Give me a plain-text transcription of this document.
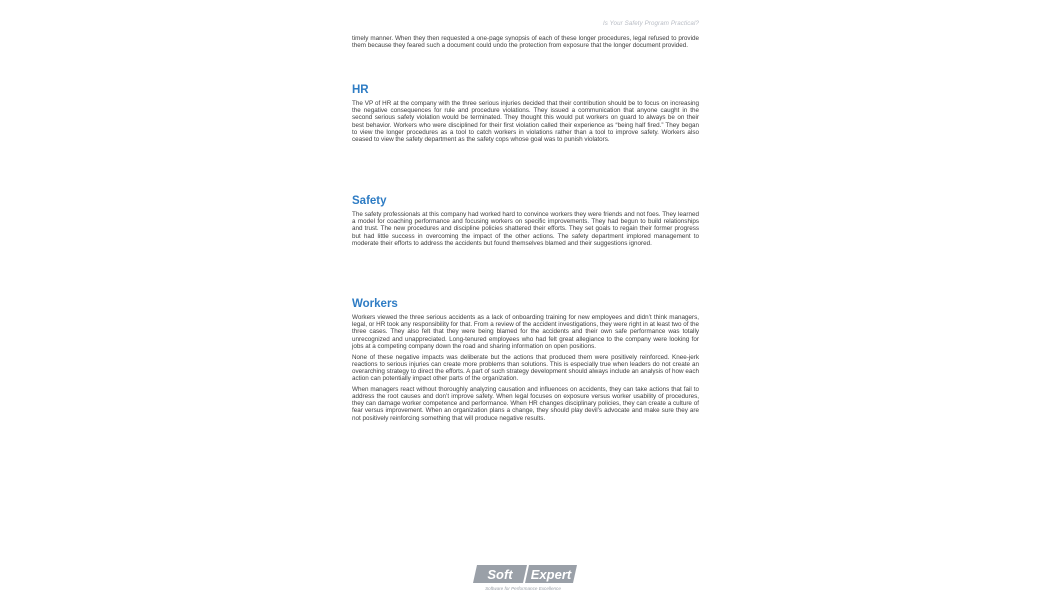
Is Your Safety Program Practical?

timely manner. When they then requested a one-page synopsis of each of these longer procedures, legal refused to provide them because they feared such a document could undo the protection from exposure that the longer document provided.

HR

The VP of HR at the company with the three serious injuries decided that their contribution should be to focus on increasing the negative consequences for rule and procedure violations. They issued a communication that anyone caught in the second serious safety violation would be terminated. They thought this would put workers on guard to always be on their best behavior. Workers who were disciplined for their first violation called their experience as “being half fired.” They began to view the longer procedures as a tool to catch workers in violations rather than a tool to improve safety. Workers also ceased to view the safety department as the safety cops whose goal was to punish violators.

Safety

The safety professionals at this company had worked hard to convince workers they were friends and not foes. They learned a model for coaching performance and focusing workers on specific improvements. They had begun to build relationships and trust. The new procedures and discipline policies shattered their efforts. They set goals to regain their former progress but had little success in overcoming the impact of the other actions. The safety department implored management to moderate their efforts to address the accidents but found themselves blamed and their suggestions ignored.

Workers

Workers viewed the three serious accidents as a lack of onboarding training for new employees and didn’t think managers, legal, or HR took any responsibility for that. From a review of the accident investigations, they were right in at least two of the three cases. They also felt that they were being blamed for the accidents and their own safe performance was totally unrecognized and unappreciated. Long-tenured employees who had felt great allegiance to the company were looking for jobs at a competing company down the road and sharing information on open positions.

None of these negative impacts was deliberate but the actions that produced them were positively reinforced. Knee-jerk reactions to serious injuries can create more problems than solutions. This is especially true when leaders do not create an overarching strategy to direct the efforts. A part of such strategy development should always include an analysis of how each action can potentially impact other parts of the organization.

When managers react without thoroughly analyzing causation and influences on accidents, they can take actions that fail to address the root causes and don’t improve safety. When legal focuses on exposure versus worker usability of procedures, they can damage worker competence and performance. When HR changes disciplinary policies, they can create a culture of fear versus improvement. When an organization plans a change, they should play devil’s advocate and make sure they are not positively reinforcing something that will produce negative results.

Soft Expert
Software for Performance Excellence
